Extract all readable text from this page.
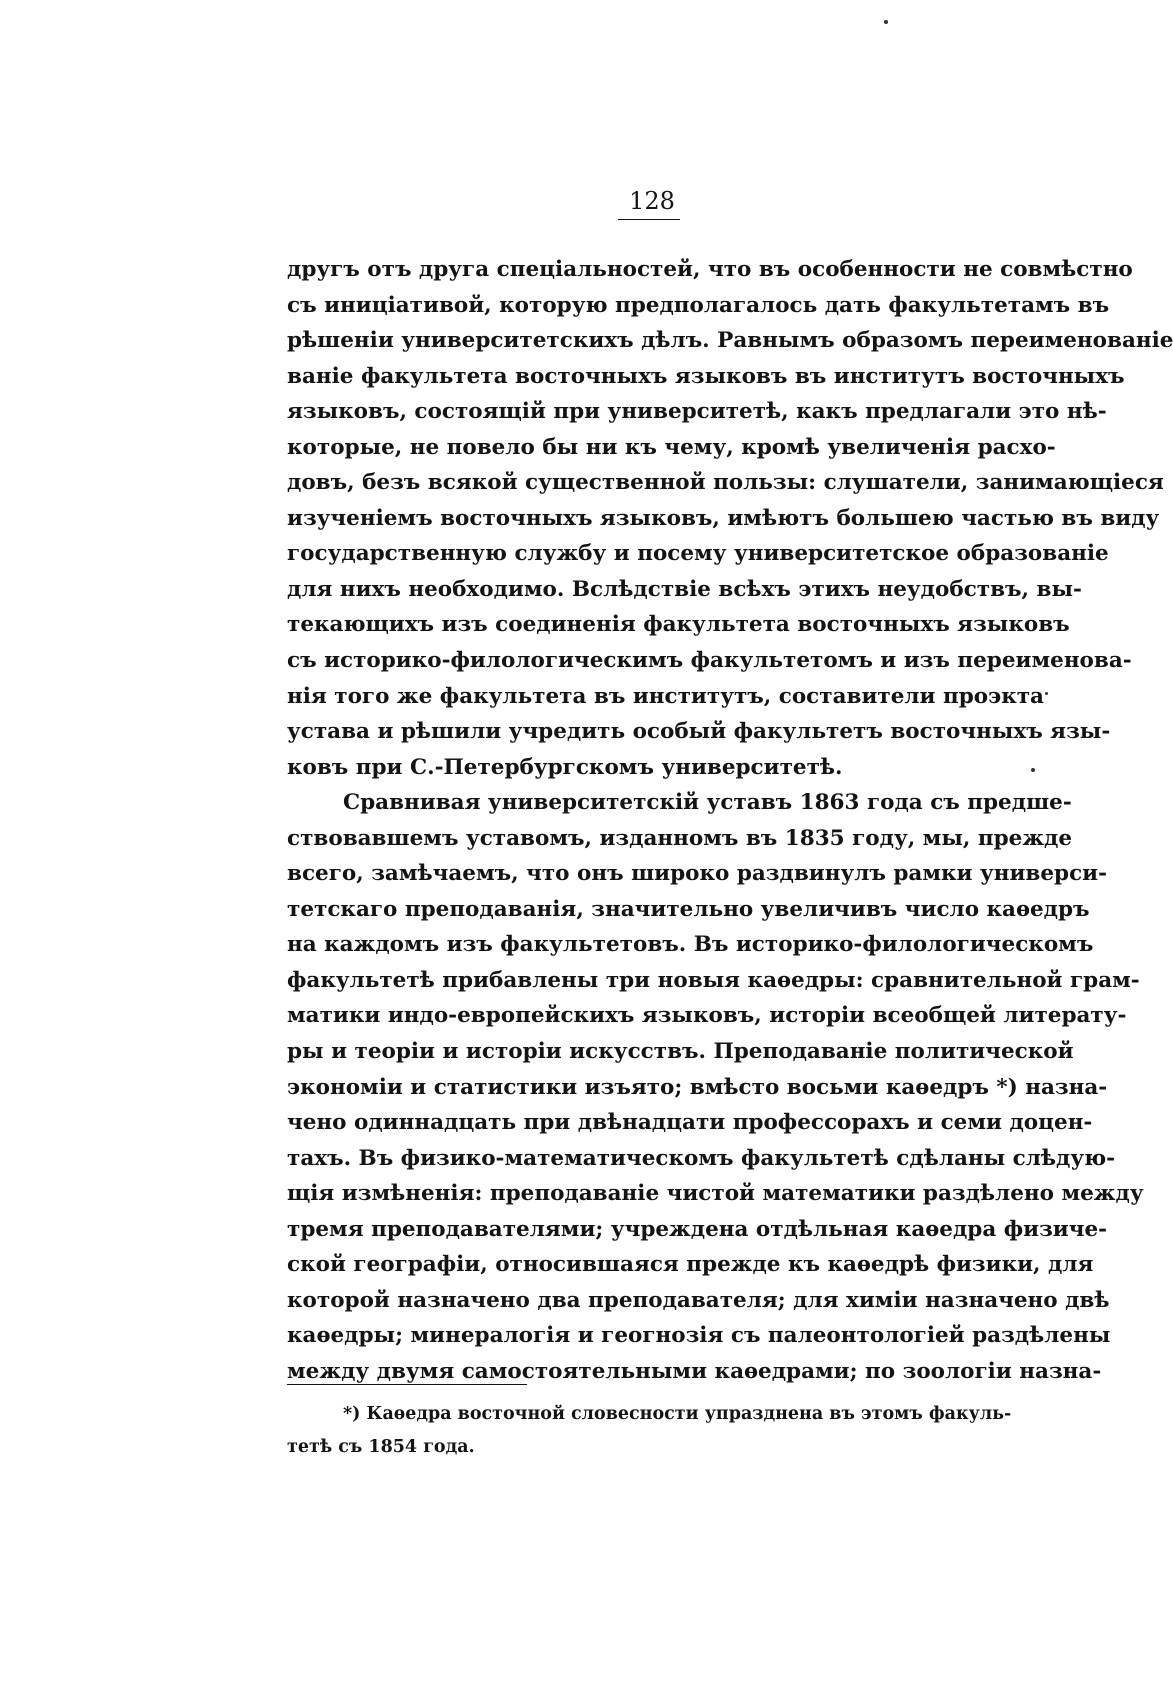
128
другъ отъ друга спеціальностей, что въ особенности не совмѣстно
съ иниціативой, которую предполагалось дать факультетамъ въ
рѣшеніи университетскихъ дѣлъ. Равнымъ образомъ переименованіе
ваніе факультета восточныхъ языковъ въ институтъ восточныхъ
языковъ, состоящій при университетѣ, какъ предлагали это нѣ-
которые, не повело бы ни къ чему, кромѣ увеличенія расхо-
довъ, безъ всякой существенной пользы: слушатели, занимающіеся
изученіемъ восточныхъ языковъ, имѣютъ большею частью въ виду
государственную службу и посему университетское образованіе
для нихъ необходимо. Вслѣдствіе всѣхъ этихъ неудобствъ, вы-
текающихъ изъ соединенія факультета восточныхъ языковъ
съ историко-филологическимъ факультетомъ и изъ переименова-
нія того же факультета въ институтъ, составители проэкта
устава и рѣшили учредить особый факультетъ восточныхъ язы-
ковъ при С.-Петербургскомъ университетѣ.
Сравнивая университетскій уставъ 1863 года съ предше-
ствовавшемъ уставомъ, изданномъ въ 1835 году, мы, прежде
всего, замѣчаемъ, что онъ широко раздвинулъ рамки универси-
тетскаго преподаванія, значительно увеличивъ число каѳедръ
на каждомъ изъ факультетовъ. Въ историко-филологическомъ
факультетѣ прибавлены три новыя каѳедры: сравнительной грам-
матики индо-европейскихъ языковъ, исторіи всеобщей литерату-
ры и теоріи и исторіи искусствъ. Преподаваніе политической
экономіи и статистики изъято; вмѣсто восьми каѳедръ *) назна-
чено одиннадцать при двѣнадцати профессорахъ и семи доцен-
тахъ. Въ физико-математическомъ факультетѣ сдѣланы слѣдую-
щія измѣненія: преподаваніе чистой математики раздѣлено между
тремя преподавателями; учреждена отдѣльная каѳедра физиче-
ской географіи, относившаяся прежде къ каѳедрѣ физики, для
которой назначено два преподавателя; для химіи назначено двѣ
каѳедры; минералогія и геогнозія съ палеонтологіей раздѣлены
между двумя самостоятельными каѳедрами; по зоологіи назна-
*) Каѳедра восточной словесности упразднена въ этомъ факуль-
тетѣ съ 1854 года.
